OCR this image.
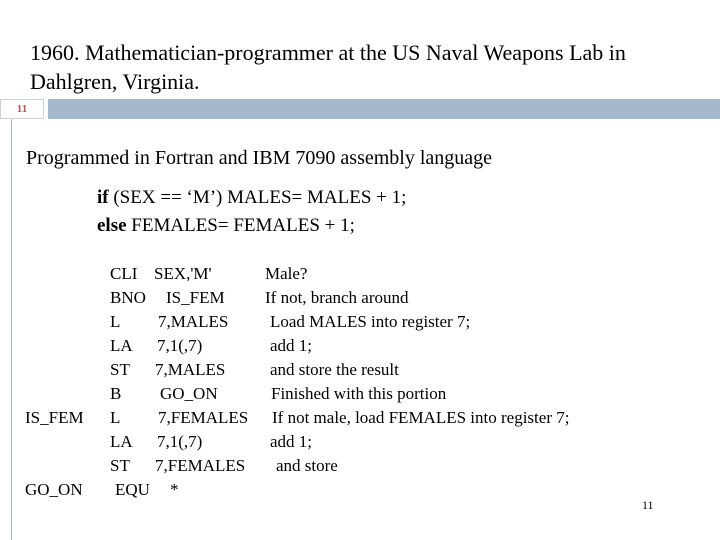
1960. Mathematician-programmer at the US Naval Weapons Lab in Dahlgren, Virginia.
11

Programmed in Fortran and IBM 7090 assembly language

if (SEX == ‘M’) MALES= MALES + 1;

else FEMALES= FEMALES + 1;

CLI SEX,'M'	Male?
BNO IS_FEM If not, branch around
L 7,MALES Load MALES into register 7;
LA 7,1(,7)	add 1;
ST 7,MALES	and store the result
B GO_ON	Finished with this portion
IS_FEM L 7,FEMALES If not male, load FEMALES into register 7;
LA 7,1(,7)	add 1;
ST 7,FEMALES and store
GO_ON EQU *
11
